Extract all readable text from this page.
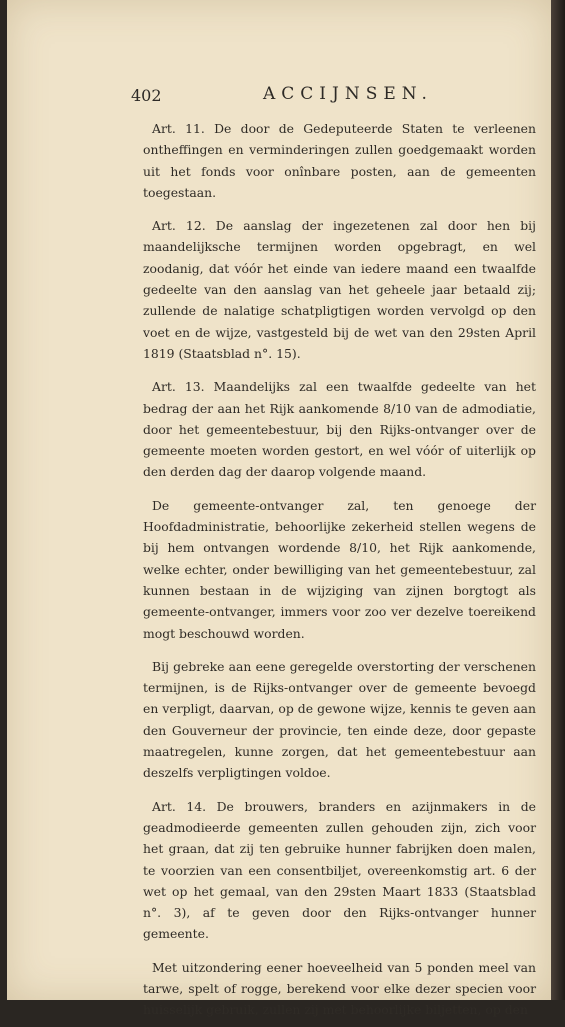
402	ACCIJNSEN.

Art. 11. De door de Gedeputeerde Staten te verleenen ontheffingen en verminderingen zullen goedgemaakt worden uit het fonds voor onînbare posten, aan de gemeenten toegestaan.

Art. 12. De aanslag der ingezetenen zal door hen bij maandelijksche termijnen worden opgebragt, en wel zoodanig, dat vóór het einde van iedere maand een twaalfde gedeelte van den aanslag van het geheele jaar betaald zij; zullende de nalatige schatpligtigen worden vervolgd op den voet en de wijze, vastgesteld bij de wet van den 29sten April 1819 (Staatsblad n°. 15).

Art. 13. Maandelijks zal een twaalfde gedeelte van het bedrag der aan het Rijk aankomende 8/10 van de admodiatie, door het gemeentebestuur, bij den Rijks-ontvanger over de gemeente moeten worden gestort, en wel vóór of uiterlijk op den derden dag der daarop volgende maand.

De gemeente-ontvanger zal, ten genoege der Hoofdadministratie, behoorlijke zekerheid stellen wegens de bij hem ontvangen wordende 8/10, het Rijk aankomende, welke echter, onder bewilliging van het gemeentebestuur, zal kunnen bestaan in de wijziging van zijnen borgtogt als gemeente-ontvanger, immers voor zoo ver dezelve toereikend mogt beschouwd worden.

Bij gebreke aan eene geregelde overstorting der verschenen termijnen, is de Rijks-ontvanger over de gemeente bevoegd en verpligt, daarvan, op de gewone wijze, kennis te geven aan den Gouverneur der provincie, ten einde deze, door gepaste maatregelen, kunne zorgen, dat het gemeentebestuur aan deszelfs verpligtingen voldoe.

Art. 14. De brouwers, branders en azijnmakers in de geadmodieerde gemeenten zullen gehouden zijn, zich voor het graan, dat zij ten gebruike hunner fabrijken doen malen, te voorzien van een consentbiljet, overeenkomstig art. 6 der wet op het gemaal, van den 29sten Maart 1833 (Staatsblad n°. 3), af te geven door den Rijks-ontvanger hunner gemeente.

Met uitzondering eener hoeveelheid van 5 ponden meel van tarwe, spelt of rogge, berekend voor elke dezer specien voor huisselijk gebruik, zullen zij met behoorlijke biljetten, op den
